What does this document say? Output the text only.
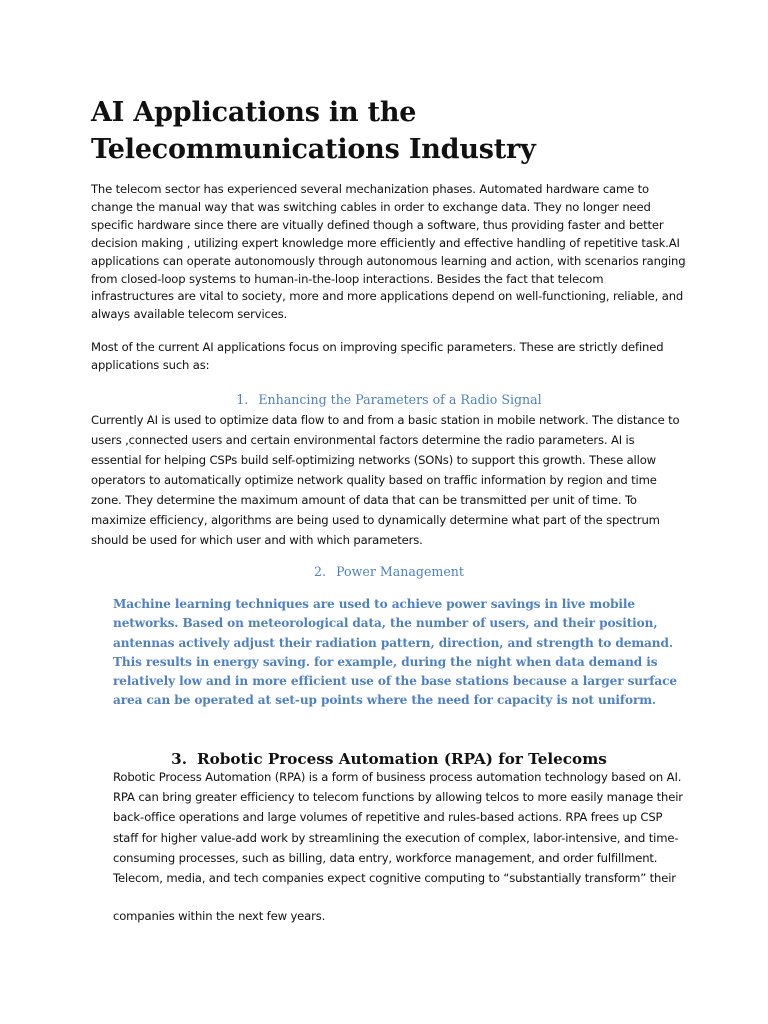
AI Applications in the Telecommunications Industry

The telecom sector has experienced several mechanization phases. Automated hardware came to change the manual way that was switching cables in order to exchange data. They no longer need specific hardware since there are vitually defined though a software, thus providing faster and better decision making , utilizing expert knowledge more efficiently and effective handling of repetitive task.AI applications can operate autonomously through autonomous learning and action, with scenarios ranging from closed-loop systems to human-in-the-loop interactions. Besides the fact that telecom infrastructures are vital to society, more and more applications depend on well-functioning, reliable, and always available telecom services.

Most of the current AI applications focus on improving specific parameters. These are strictly defined applications such as:

1. Enhancing the Parameters of a Radio Signal

Currently AI is used to optimize data flow to and from a basic station in mobile network. The distance to users ,connected users and certain environmental factors determine the radio parameters. AI is essential for helping CSPs build self-optimizing networks (SONs) to support this growth. These allow operators to automatically optimize network quality based on traffic information by region and time zone. They determine the maximum amount of data that can be transmitted per unit of time. To maximize efficiency, algorithms are being used to dynamically determine what part of the spectrum should be used for which user and with which parameters.

2. Power Management

Machine learning techniques are used to achieve power savings in live mobile networks. Based on meteorological data, the number of users, and their position, antennas actively adjust their radiation pattern, direction, and strength to demand. This results in energy saving. for example, during the night when data demand is relatively low and in more efficient use of the base stations because a larger surface area can be operated at set-up points where the need for capacity is not uniform.

3. Robotic Process Automation (RPA) for Telecoms

Robotic Process Automation (RPA) is a form of business process automation technology based on AI. RPA can bring greater efficiency to telecom functions by allowing telcos to more easily manage their back-office operations and large volumes of repetitive and rules-based actions. RPA frees up CSP staff for higher value-add work by streamlining the execution of complex, labor-intensive, and time-consuming processes, such as billing, data entry, workforce management, and order fulfillment. Telecom, media, and tech companies expect cognitive computing to “substantially transform” their

companies within the next few years.
